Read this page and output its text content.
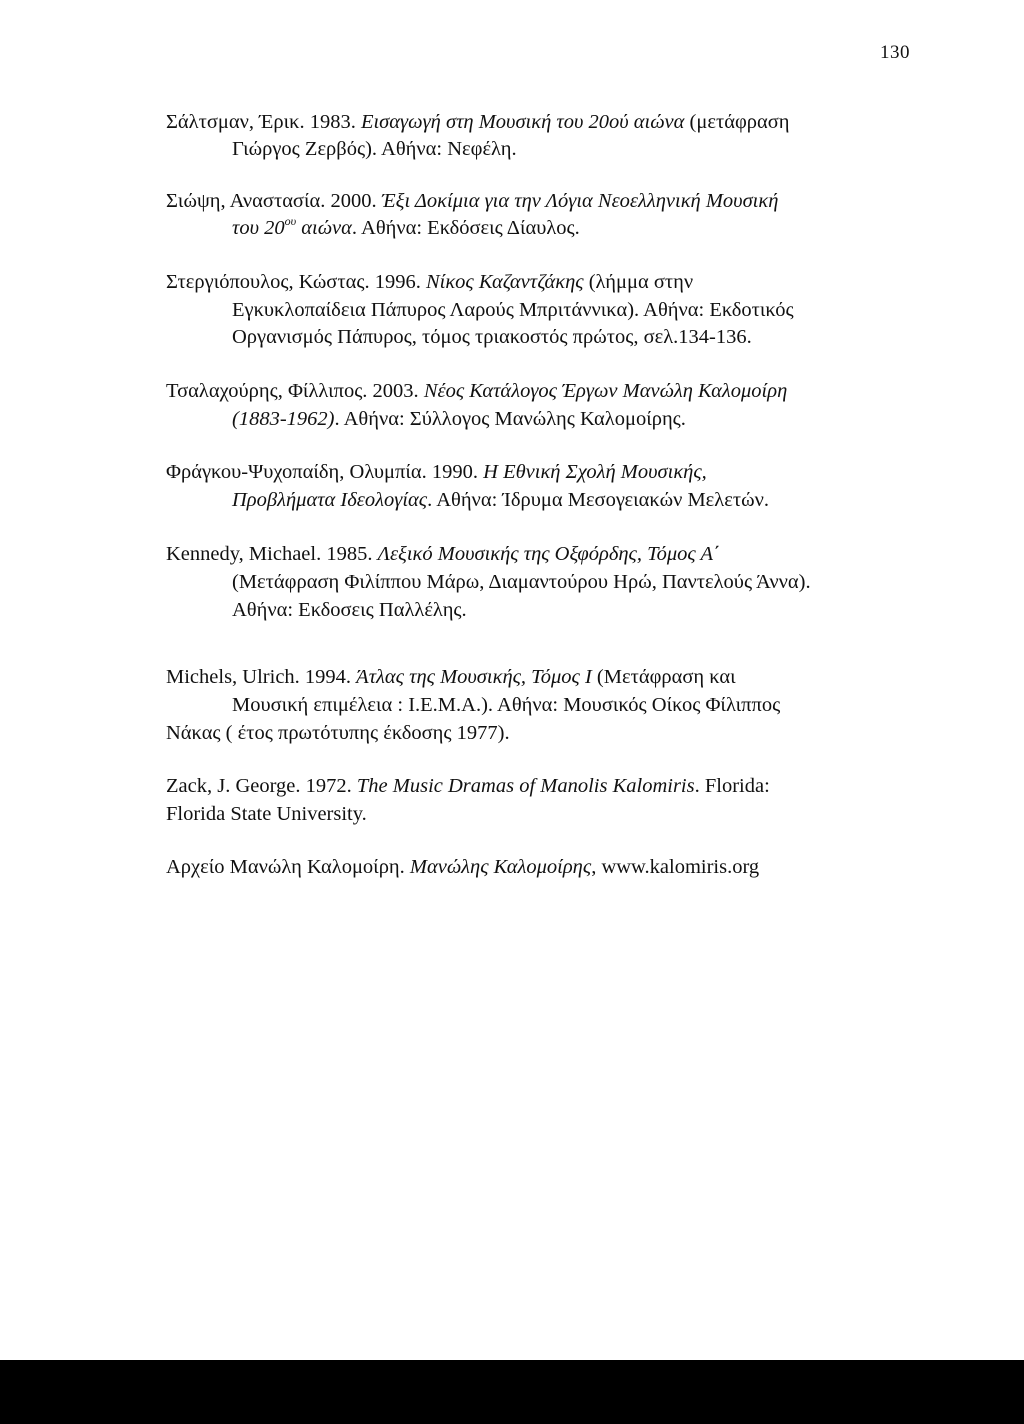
130
Σάλτσμαν, Έρικ. 1983. Εισαγωγή στη Μουσική του 20ού αιώνα (μετάφραση
Γιώργος Ζερβός). Αθήνα: Νεφέλη.
Σιώψη, Αναστασία. 2000. Έξι Δοκίμια για την Λόγια Νεοελληνική Μουσική
του $20^{o\upsilon}$ αιώνα. Αθήνα: Εκδόσεις Δίαυλος.
Στεργιόπουλος, Κώστας. 1996. Νίκος Καζαντζάκης (λήμμα στην
Εγκυκλοπαίδεια Πάπυρος Λαρούς Μπριτάννικα). Αθήνα: Εκδοτικός
Οργανισμός Πάπυρος, τόμος τριακοστός πρώτος, σελ.134-136.
Τσαλαχούρης, Φίλλιπος. 2003. Νέος Κατάλογος Έργων Μανώλη Καλομοίρη
(1883-1962). Αθήνα: Σύλλογος Μανώλης Καλομοίρης.
Φράγκου-Ψυχοπαίδη, Ολυμπία. 1990. Η Εθνική Σχολή Μουσικής,
Προβλήματα Ιδεολογίας. Αθήνα: Ίδρυμα Μεσογειακών Μελετών.
Kennedy, Michael. 1985. Λεξικό Μουσικής της Οξφόρδης, Τόμος Α΄
(Μετάφραση Φιλίππου Μάρω, Διαμαντούρου Ηρώ, Παντελούς Άννα).
Αθήνα: Εκδοσεις Παλλέλης.
Michels, Ulrich. 1994. Άτλας της Μουσικής, Τόμος I (Μετάφραση και
Μουσική επιμέλεια : Ι.Ε.Μ.Α.). Αθήνα: Μουσικός Οίκος Φίλιππος
Νάκας ( έτος πρωτότυπης έκδοσης 1977).
Zack, J. George. 1972. The Music Dramas of Manolis Kalomiris. Florida:
Florida State University.
Αρχείο Μανώλη Καλομοίρη. Μανώλης Καλομοίρης, www.kalomiris.org
